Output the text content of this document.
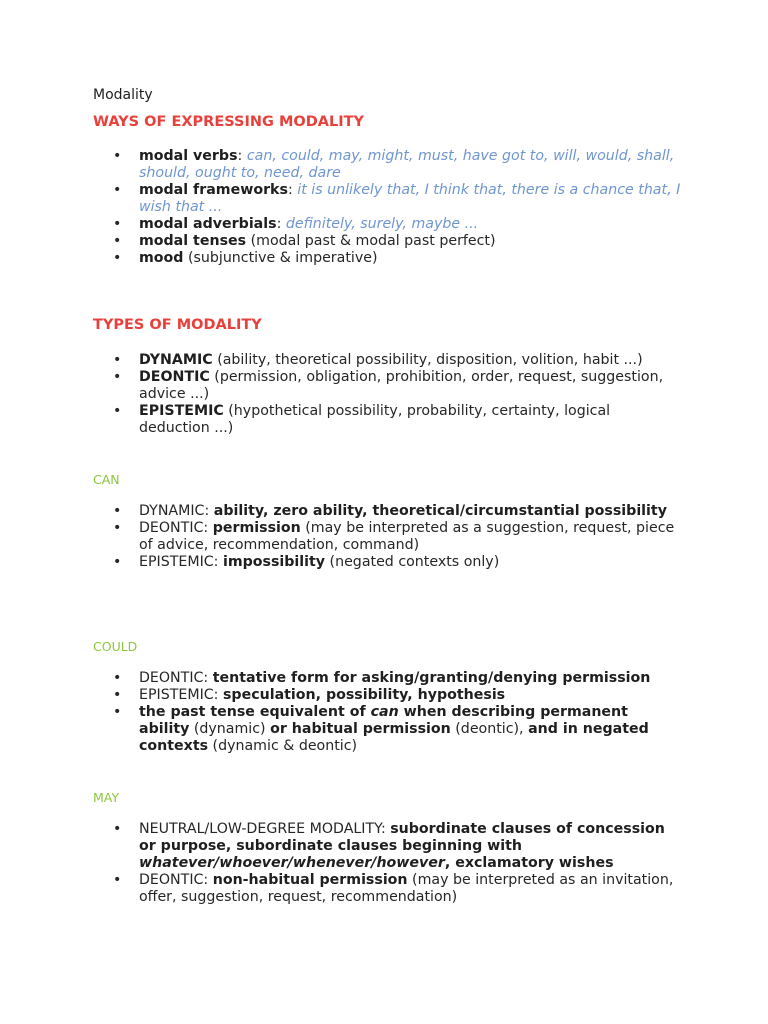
Modality
WAYS OF EXPRESSING MODALITY
• modal verbs: can, could, may, might, must, have got to, will, would, shall, should, ought to, need, dare
• modal frameworks: it is unlikely that, I think that, there is a chance that, I wish that ...
• modal adverbials: definitely, surely, maybe ...
• modal tenses (modal past & modal past perfect)
• mood (subjunctive & imperative)
TYPES OF MODALITY
• DYNAMIC (ability, theoretical possibility, disposition, volition, habit ...)
• DEONTIC (permission, obligation, prohibition, order, request, suggestion, advice ...)
• EPISTEMIC (hypothetical possibility, probability, certainty, logical deduction ...)
CAN
• DYNAMIC: ability, zero ability, theoretical/circumstantial possibility
• DEONTIC: permission (may be interpreted as a suggestion, request, piece of advice, recommendation, command)
• EPISTEMIC: impossibility (negated contexts only)
COULD
• DEONTIC: tentative form for asking/granting/denying permission
• EPISTEMIC: speculation, possibility, hypothesis
• the past tense equivalent of can when describing permanent ability (dynamic) or habitual permission (deontic), and in negated contexts (dynamic & deontic)
MAY
• NEUTRAL/LOW-DEGREE MODALITY: subordinate clauses of concession or purpose, subordinate clauses beginning with whatever/whoever/whenever/however, exclamatory wishes
• DEONTIC: non-habitual permission (may be interpreted as an invitation, offer, suggestion, request, recommendation)
